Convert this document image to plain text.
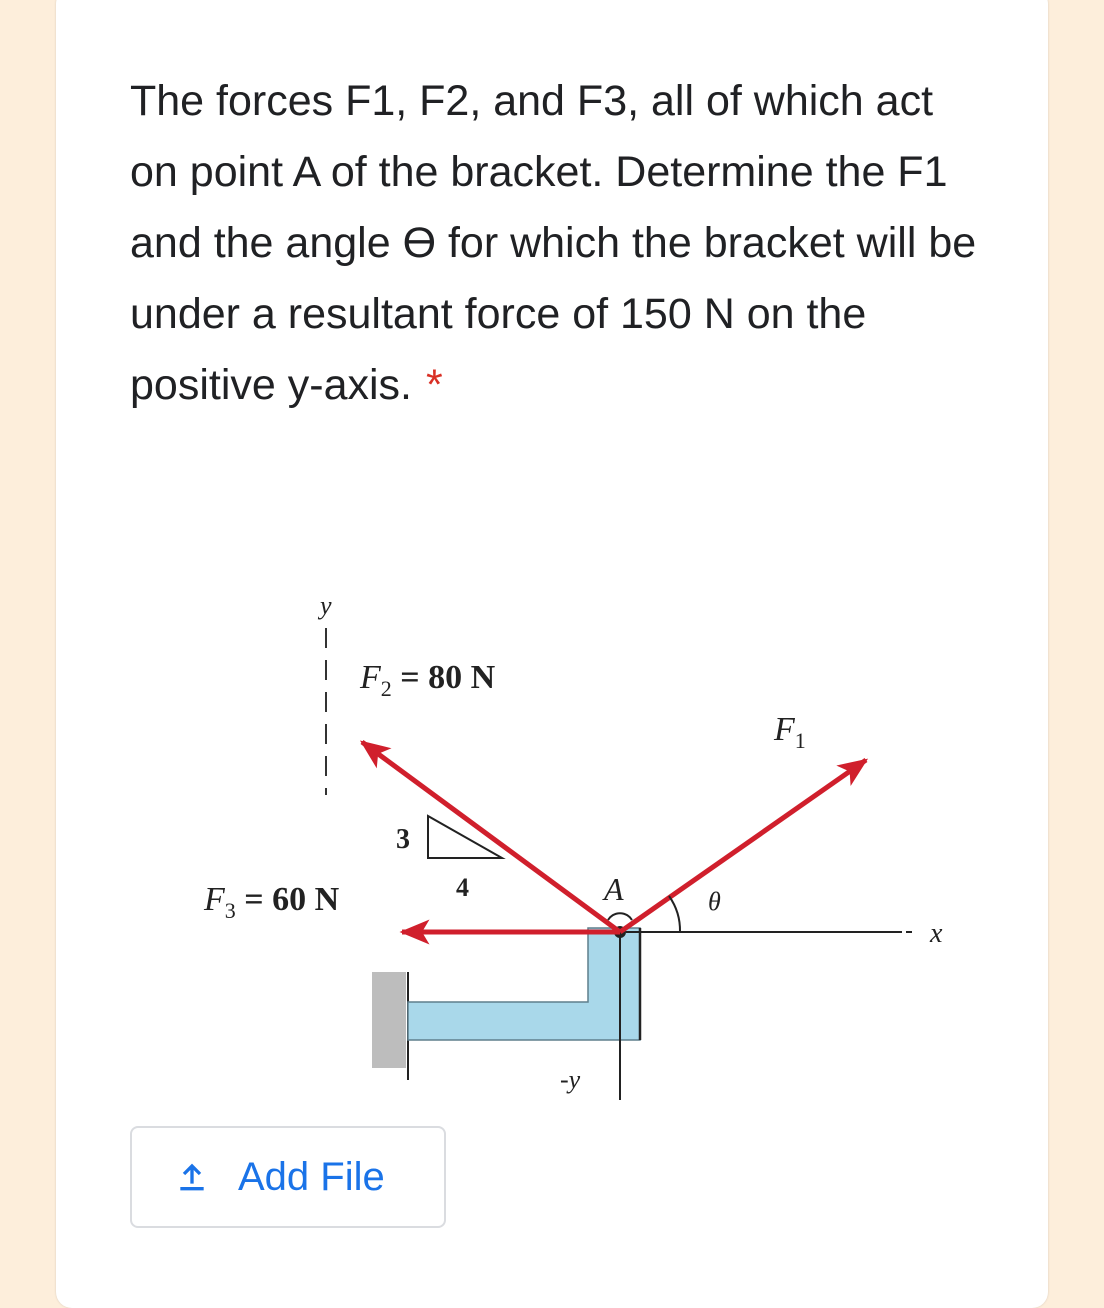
The forces F1, F2, and F3, all of which act on point A of the bracket. Determine the F1 and the angle ϴ for which the bracket will be under a resultant force of 150 N on the positive y-axis. *

y
$F_2 = 80$ N
$F_1$
$F_3 = 60$ N
x
-y
A
3
4	θ
Add File
